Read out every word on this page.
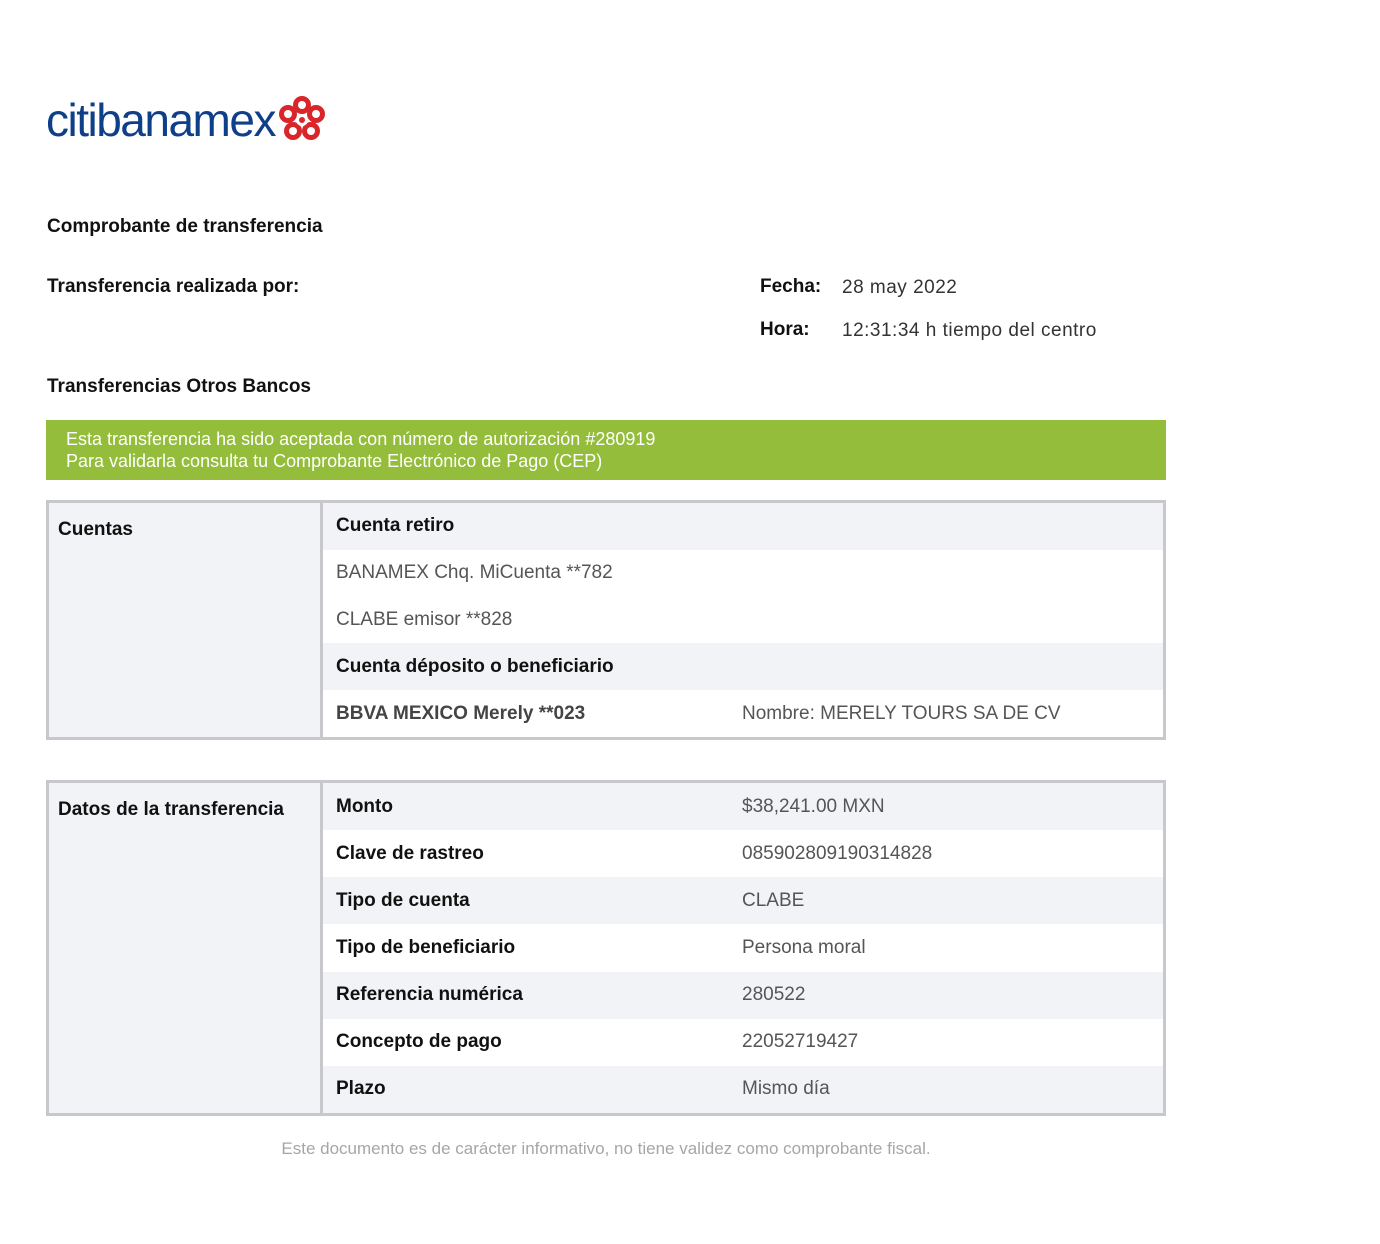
citibanamex
Comprobante de transferencia
Transferencia realizada por:	Fecha: 28 may 2022
Hora: 12:31:34 h tiempo del centro
Transferencias Otros Bancos
Esta transferencia ha sido aceptada con número de autorización #280919
Para validarla consulta tu Comprobante Electrónico de Pago (CEP)
Cuentas	Cuenta retiro
BANAMEX Chq. MiCuenta **782
CLABE emisor **828
Cuenta déposito o beneficiario
BBVA MEXICO Merely **023	Nombre: MERELY TOURS SA DE CV
Datos de la transferencia	Monto	$38,241.00 MXN
Clave de rastreo	085902809190314828
Tipo de cuenta	CLABE
Tipo de beneficiario	Persona moral
Referencia numérica	280522
Concepto de pago	22052719427
Plazo	Mismo día
Este documento es de carácter informativo, no tiene validez como comprobante fiscal.
